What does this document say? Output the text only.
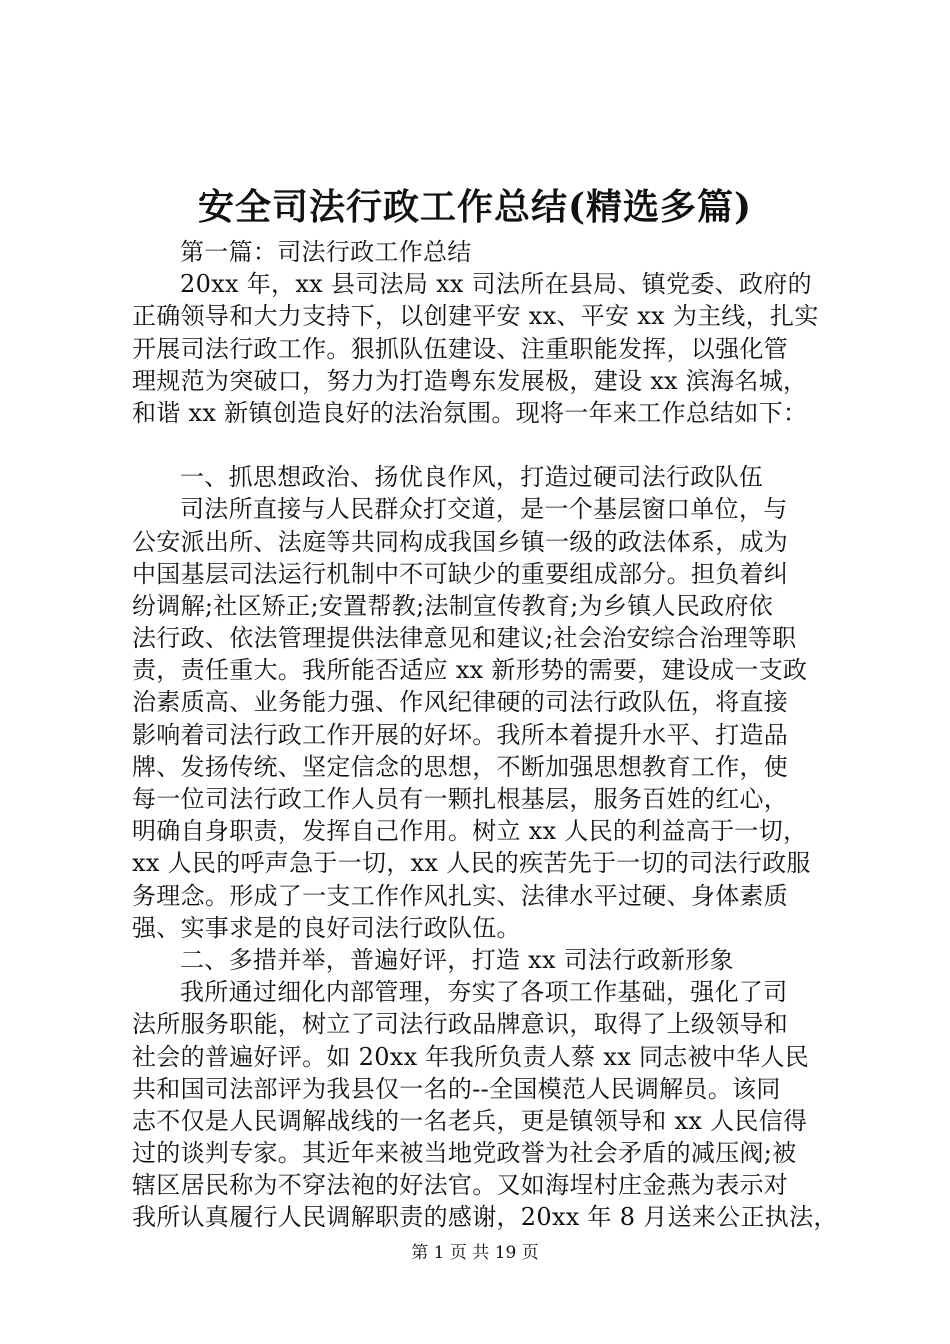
安全司法行政工作总结(精选多篇)
第一篇：司法行政工作总结
20xx 年，xx 县司法局 xx 司法所在县局、镇党委、政府的
正确领导和大力支持下，以创建平安 xx、平安 xx 为主线，扎实
开展司法行政工作。狠抓队伍建设、注重职能发挥，以强化管
理规范为突破口，努力为打造粤东发展极，建设 xx 滨海名城，
和谐 xx 新镇创造良好的法治氛围。现将一年来工作总结如下：
一、抓思想政治、扬优良作风，打造过硬司法行政队伍
司法所直接与人民群众打交道，是一个基层窗口单位，与
公安派出所、法庭等共同构成我国乡镇一级的政法体系，成为
中国基层司法运行机制中不可缺少的重要组成部分。担负着纠
纷调解;社区矫正;安置帮教;法制宣传教育;为乡镇人民政府依
法行政、依法管理提供法律意见和建议;社会治安综合治理等职
责，责任重大。我所能否适应 xx 新形势的需要，建设成一支政
治素质高、业务能力强、作风纪律硬的司法行政队伍，将直接
影响着司法行政工作开展的好坏。我所本着提升水平、打造品
牌、发扬传统、坚定信念的思想，不断加强思想教育工作，使
每一位司法行政工作人员有一颗扎根基层，服务百姓的红心，
明确自身职责，发挥自己作用。树立 xx 人民的利益高于一切，
xx 人民的呼声急于一切，xx 人民的疾苦先于一切的司法行政服
务理念。形成了一支工作作风扎实、法律水平过硬、身体素质
强、实事求是的良好司法行政队伍。
二、多措并举，普遍好评，打造 xx 司法行政新形象
我所通过细化内部管理，夯实了各项工作基础，强化了司
法所服务职能，树立了司法行政品牌意识，取得了上级领导和
社会的普遍好评。如 20xx 年我所负责人蔡 xx 同志被中华人民
共和国司法部评为我县仅一名的--全国模范人民调解员。该同
志不仅是人民调解战线的一名老兵，更是镇领导和 xx 人民信得
过的谈判专家。其近年来被当地党政誉为社会矛盾的减压阀;被
辖区居民称为不穿法袍的好法官。又如海埕村庄金燕为表示对
我所认真履行人民调解职责的感谢，20xx 年 8 月送来公正执法，
第 1 页 共 19 页
